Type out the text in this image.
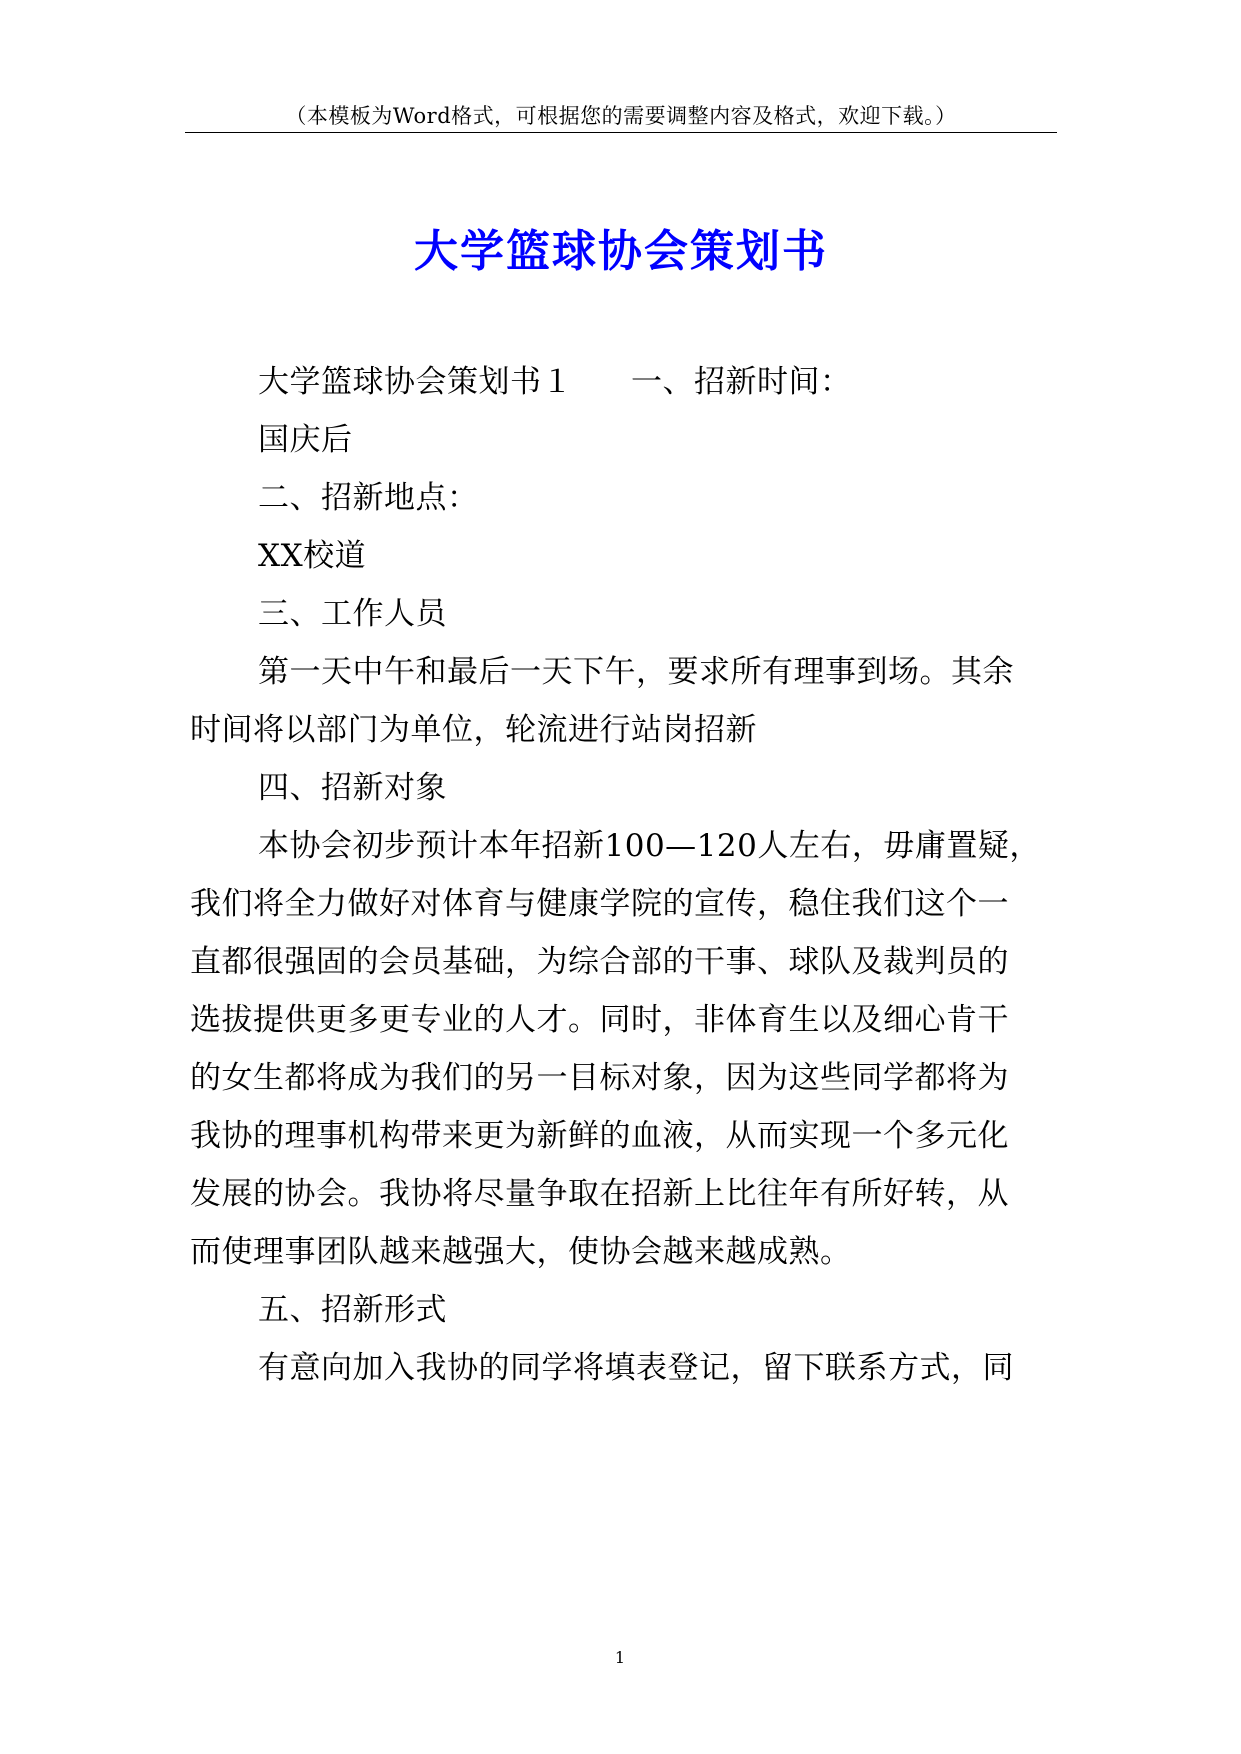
（本模板为Word格式，可根据您的需要调整内容及格式，欢迎下载。）
大学篮球协会策划书
大学篮球协会策划书１ 一、招新时间：
国庆后
二、招新地点：
XX校道
三、工作人员
第一天中午和最后一天下午，要求所有理事到场。其余
时间将以部门为单位，轮流进行站岗招新
四、招新对象
本协会初步预计本年招新100—120人左右，毋庸置疑，
我们将全力做好对体育与健康学院的宣传，稳住我们这个一
直都很强固的会员基础，为综合部的干事、球队及裁判员的
选拔提供更多更专业的人才。同时，非体育生以及细心肯干
的女生都将成为我们的另一目标对象，因为这些同学都将为
我协的理事机构带来更为新鲜的血液，从而实现一个多元化
发展的协会。我协将尽量争取在招新上比往年有所好转，从
而使理事团队越来越强大，使协会越来越成熟。
五、招新形式
有意向加入我协的同学将填表登记，留下联系方式，同
1
